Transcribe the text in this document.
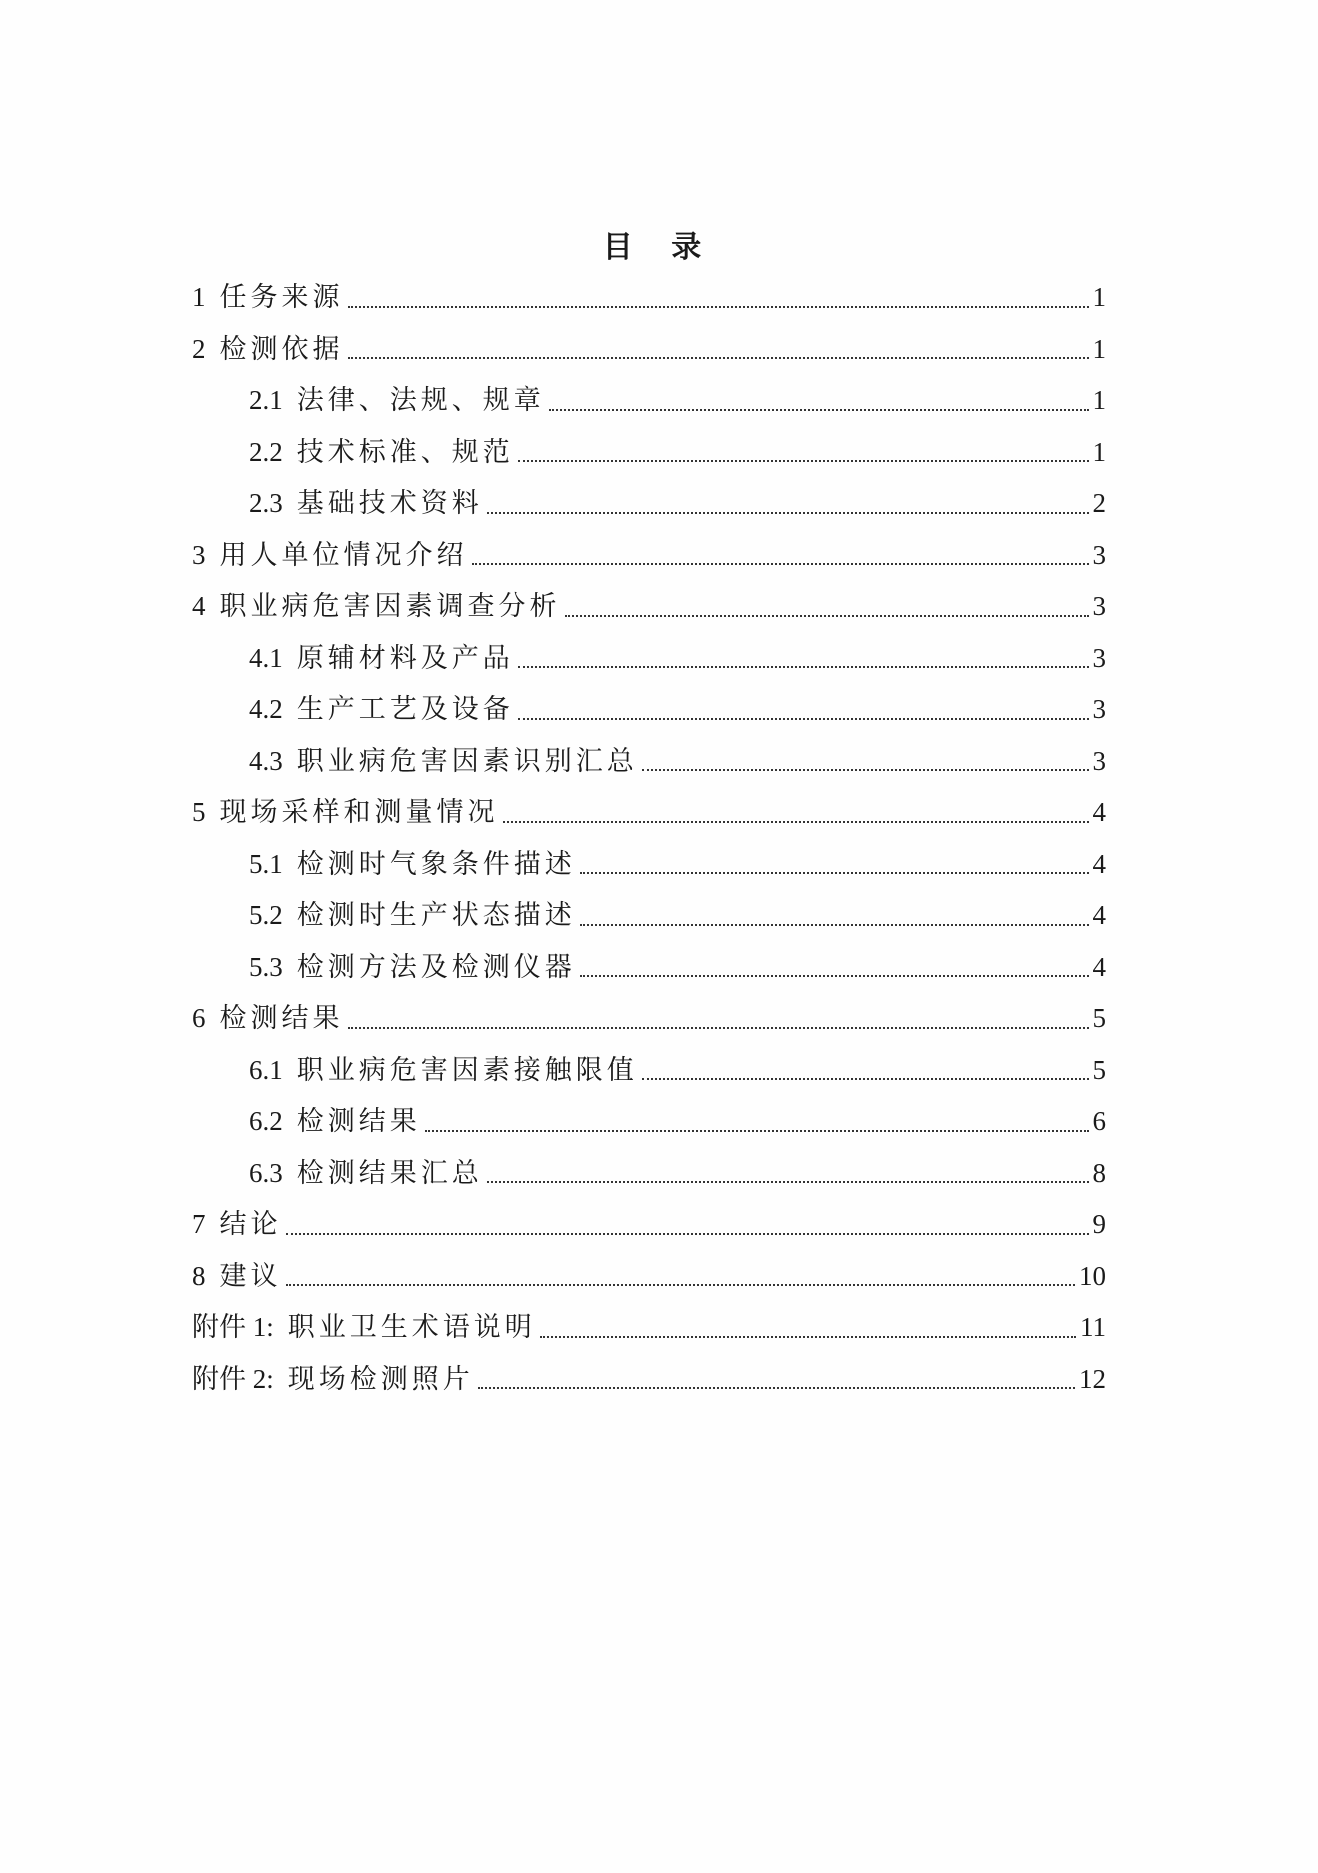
目 录
1 任务来源	1
2 检测依据	1
2.1 法律、法规、规章	1
2.2 技术标准、规范	1
2.3 基础技术资料	2
3 用人单位情况介绍	3
4 职业病危害因素调查分析	3
4.1 原辅材料及产品	3
4.2 生产工艺及设备	3
4.3 职业病危害因素识别汇总	3
5 现场采样和测量情况	4
5.1 检测时气象条件描述	4
5.2 检测时生产状态描述	4
5.3 检测方法及检测仪器	4
6 检测结果	5
6.1 职业病危害因素接触限值	5
6.2 检测结果	6
6.3 检测结果汇总	8
7 结论	9
8 建议	10
附件 1: 职业卫生术语说明	11
附件 2: 现场检测照片	12
